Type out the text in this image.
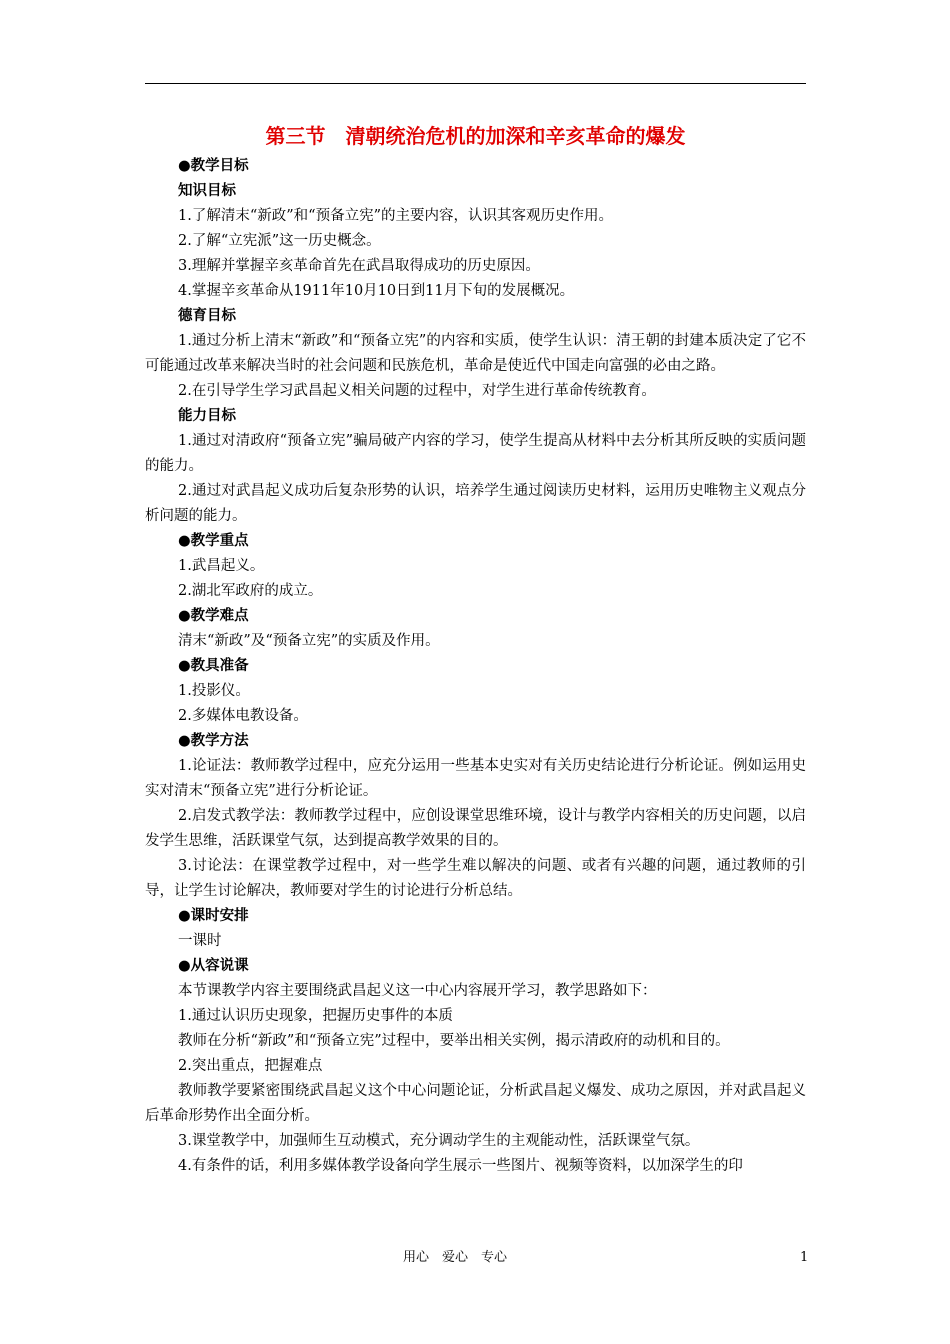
第三节　清朝统治危机的加深和辛亥革命的爆发
●教学目标
知识目标

1.了解清末“新政”和“预备立宪”的主要内容，认识其客观历史作用。

2.了解“立宪派”这一历史概念。

3.理解并掌握辛亥革命首先在武昌取得成功的历史原因。

4.掌握辛亥革命从1911年10月10日到11月下旬的发展概况。

德育目标

1.通过分析上清末“新政”和“预备立宪”的内容和实质，使学生认识：清王朝的封建本质决定了它不可能通过改革来解决当时的社会问题和民族危机，革命是使近代中国走向富强的必由之路。

2.在引导学生学习武昌起义相关问题的过程中，对学生进行革命传统教育。

能力目标

1.通过对清政府“预备立宪”骗局破产内容的学习，使学生提高从材料中去分析其所反映的实质问题的能力。

2.通过对武昌起义成功后复杂形势的认识，培养学生通过阅读历史材料，运用历史唯物主义观点分析问题的能力。

●教学重点

1.武昌起义。

2.湖北军政府的成立。

●教学难点

清末“新政”及“预备立宪”的实质及作用。

●教具准备

1.投影仪。

2.多媒体电教设备。

●教学方法

1.论证法：教师教学过程中，应充分运用一些基本史实对有关历史结论进行分析论证。例如运用史实对清末“预备立宪”进行分析论证。

2.启发式教学法：教师教学过程中，应创设课堂思维环境，设计与教学内容相关的历史问题，以启发学生思维，活跃课堂气氛，达到提高教学效果的目的。

3.讨论法：在课堂教学过程中，对一些学生难以解决的问题、或者有兴趣的问题，通过教师的引导，让学生讨论解决，教师要对学生的讨论进行分析总结。

●课时安排

一课时

●从容说课

本节课教学内容主要围绕武昌起义这一中心内容展开学习，教学思路如下：

1.通过认识历史现象，把握历史事件的本质

教师在分析“新政”和“预备立宪”过程中，要举出相关实例，揭示清政府的动机和目的。

2.突出重点，把握难点

教师教学要紧密围绕武昌起义这个中心问题论证，分析武昌起义爆发、成功之原因，并对武昌起义后革命形势作出全面分析。

3.课堂教学中，加强师生互动模式，充分调动学生的主观能动性，活跃课堂气氛。

4.有条件的话，利用多媒体教学设备向学生展示一些图片、视频等资料，以加深学生的印

用心　爱心　专心	1
